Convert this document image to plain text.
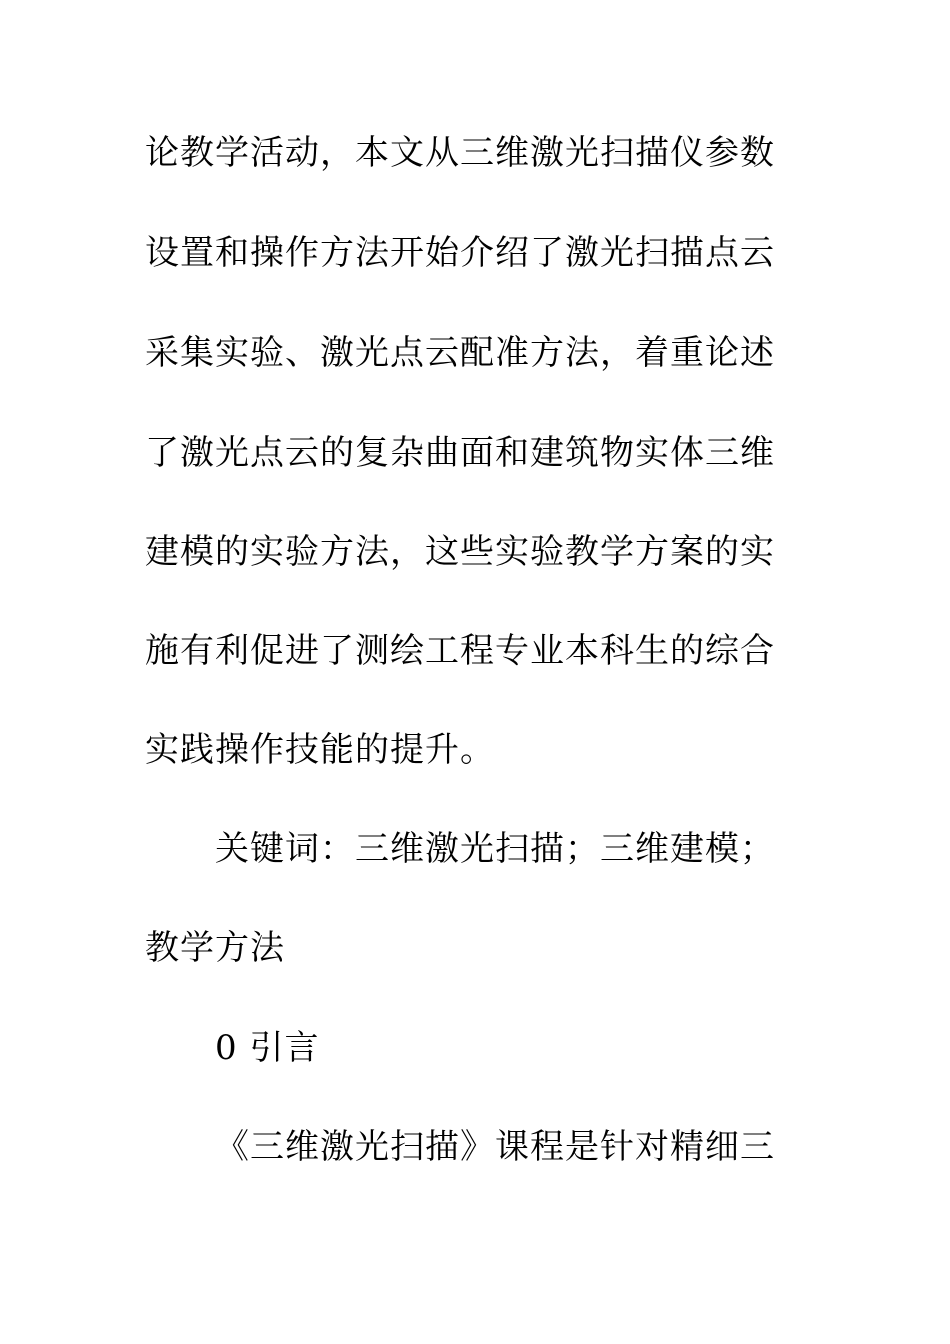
论教学活动，本文从三维激光扫描仪参数
设置和操作方法开始介绍了激光扫描点云
采集实验、激光点云配准方法，着重论述
了激光点云的复杂曲面和建筑物实体三维
建模的实验方法，这些实验教学方案的实
施有利促进了测绘工程专业本科生的综合
实践操作技能的提升。
关键词：三维激光扫描；三维建模；
教学方法
0 引言
《三维激光扫描》课程是针对精细三
